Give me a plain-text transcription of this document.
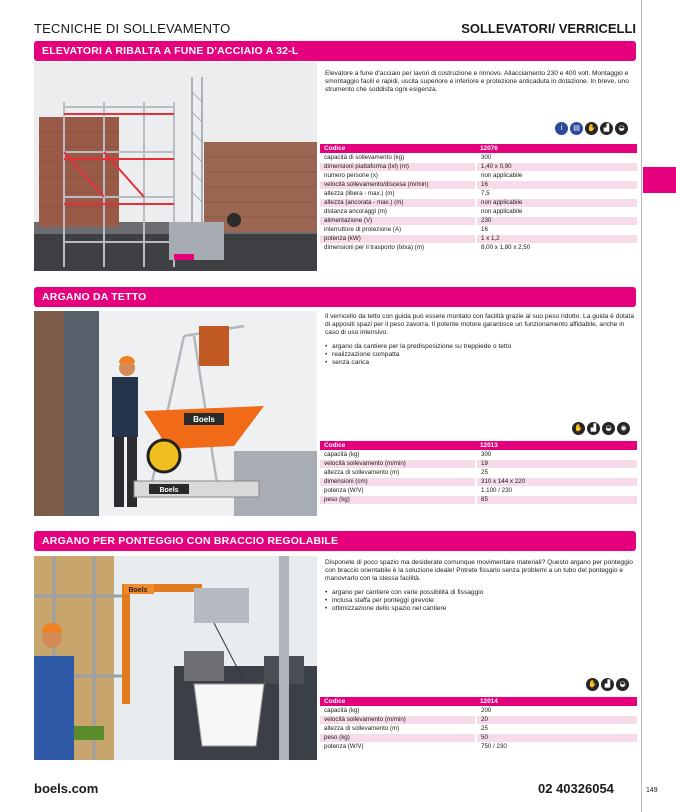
TECNICHE DI SOLLEVAMENTO	SOLLEVATORI/ VERRICELLI
ELEVATORI A RIBALTA A FUNE D'ACCIAIO A 32-L
Elevatore a fune d'acciaio per lavori di costruzione e rinnovo. Allacciamento 230 e 400 volt. Montaggio e smontaggio facili e rapidi, uscita superiore e inferiore e protezione anticaduta in dotazione. In breve, uno strumento che soddisfa ogni esigenza.
i	▤	✋	▟	◒
Codice	12076
capacità di sollevamento (kg)	300
dimensioni piattaforma (lxl) (m)	1,40 x 0,90
numero persone (x)	non applicabile
velocità sollevamento/discesa (m/min)	16
altezza (libera - max.) (m)	7,5
altezza (ancorata - max.) (m)	non applicabile
distanza ancoraggi (m)	non applicabile
alimentazione (V)	230
interruttore di protezione (A)	16
potenza (kW)	1 x 1,2
dimensioni per il trasporto (lxlxa) (m)	8,00 x 1,80 x 2,50
ARGANO DA TETTO
Boels
Boels
Il verricello da tetto con guida può essere montato con facilità grazie al suo peso ridotto. La guida è dotata di appositi spazi per il peso zavorra. Il potente motore garantisce un funzionamento affidabile, anche in caso di uso intensivo.
• argano da cantiere per la predisposizione su treppiede o tetto
• realizzazione compatta
• senza carica
✋	▟	◒	◉
Codice	12013
capacità (kg)	300
velocità sollevamento (m/min)	19
altezza di sollevamento (m)	25
dimensioni (cm)	310 x 144 x 220
potenza (W/V)	1.100 / 230
peso (kg)	85
ARGANO PER PONTEGGIO CON BRACCIO REGOLABILE
Boels
Disponete di poco spazio ma desiderate comunque movimentare materiali? Questo argano per ponteggio con braccio orientabile è la soluzione ideale! Potrete fissarlo senza problemi a un tubo del ponteggio e manovrarlo con la stessa facilità.
• argano per cantiere con varie possibilità di fissaggio
• inclusa staffa per ponteggi girevole
• ottimizzazione dello spazio nel cantiere
✋	▟	◒
Codice	12014
capacità (kg)	200
velocità sollevamento (m/min)	20
altezza di sollevamento (m)	25
peso (kg)	50
potenza (W/V)	750 / 230
boels.com	02 40326054	149
